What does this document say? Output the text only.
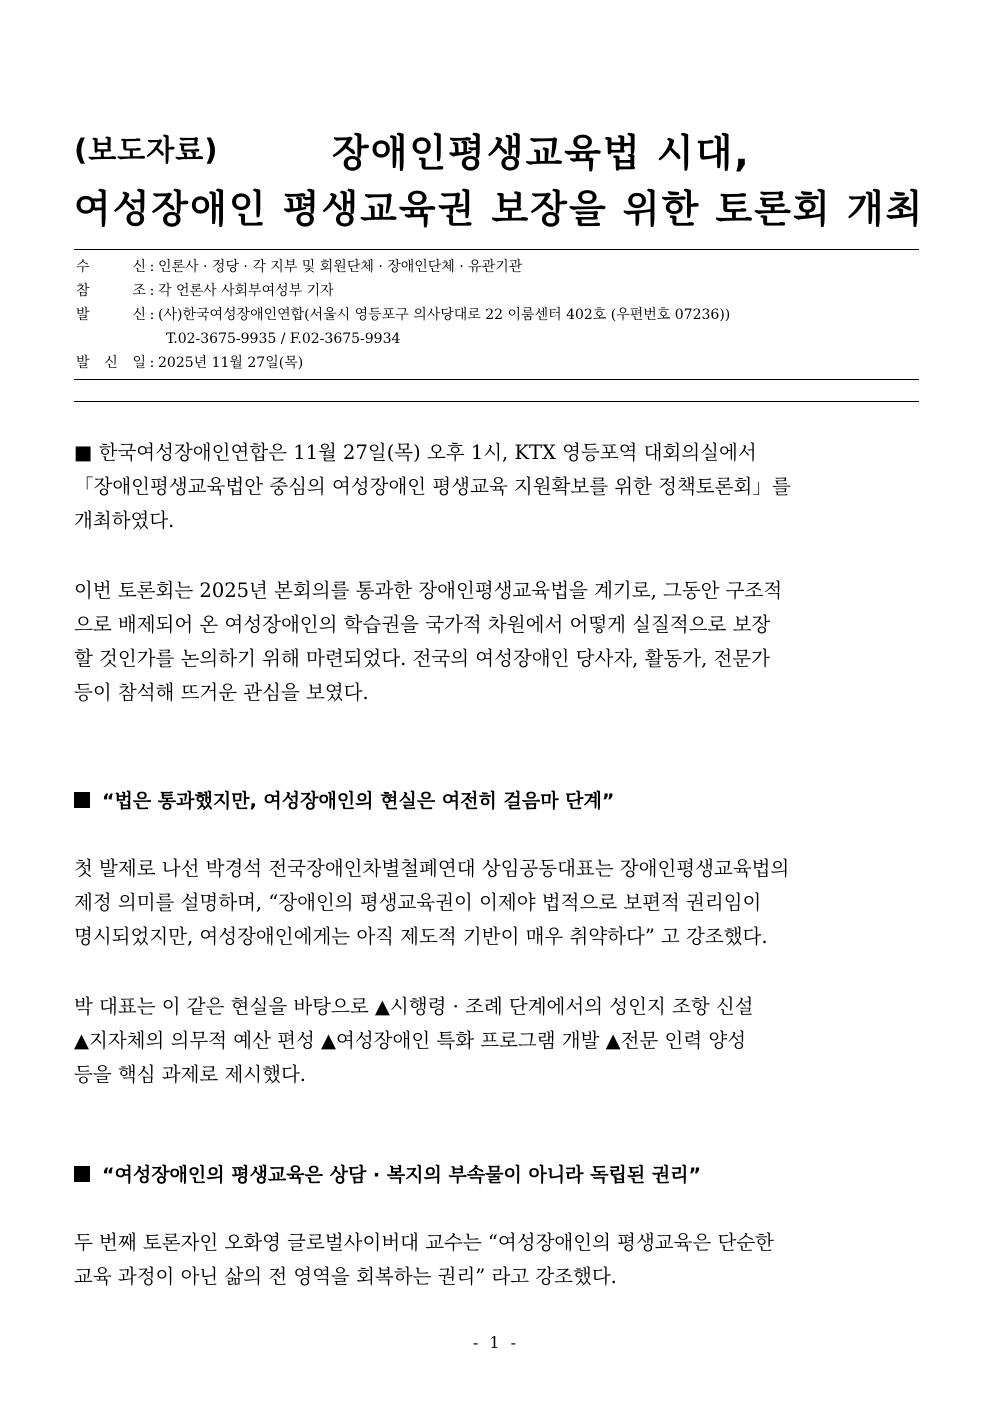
(보도자료)	장애인평생교육법 시대,
여성장애인 평생교육권 보장을 위한 토론회 개최
수	신 : 인론사 · 정당 · 각 지부 및 회원단체 · 장애인단체 · 유관기관
참	조 : 각 언론사 사회부여성부 기자
발	신 : (사)한국여성장애인연합(서울시 영등포구 의사당대로 22 이룸센터 402호 (우편번호 07236))
T.02-3675-9935 / F.02-3675-9934
발 신 일 : 2025년 11월 27일(목)
■ 한국여성장애인연합은 11월 27일(목) 오후 1시, KTX 영등포역 대회의실에서
「장애인평생교육법안 중심의 여성장애인 평생교육 지원확보를 위한 정책토론회」를
개최하였다.
이번 토론회는 2025년 본회의를 통과한 장애인평생교육법을 계기로, 그동안 구조적
으로 배제되어 온 여성장애인의 학습권을 국가적 차원에서 어떻게 실질적으로 보장
할 것인가를 논의하기 위해 마련되었다. 전국의 여성장애인 당사자, 활동가, 전문가
등이 참석해 뜨거운 관심을 보였다.
“법은 통과했지만, 여성장애인의 현실은 여전히 걸음마 단계”
첫 발제로 나선 박경석 전국장애인차별철폐연대 상임공동대표는 장애인평생교육법의
제정 의미를 설명하며, “장애인의 평생교육권이 이제야 법적으로 보편적 권리임이
명시되었지만, 여성장애인에게는 아직 제도적 기반이 매우 취약하다” 고 강조했다.
박 대표는 이 같은 현실을 바탕으로 ▲시행령 · 조례 단계에서의 성인지 조항 신설
▲지자체의 의무적 예산 편성 ▲여성장애인 특화 프로그램 개발 ▲전문 인력 양성
등을 핵심 과제로 제시했다.
“여성장애인의 평생교육은 상담 · 복지의 부속물이 아니라 독립된 권리”
두 번째 토론자인 오화영 글로벌사이버대 교수는 “여성장애인의 평생교육은 단순한
교육 과정이 아닌 삶의 전 영역을 회복하는 권리” 라고 강조했다.
- 1 -
